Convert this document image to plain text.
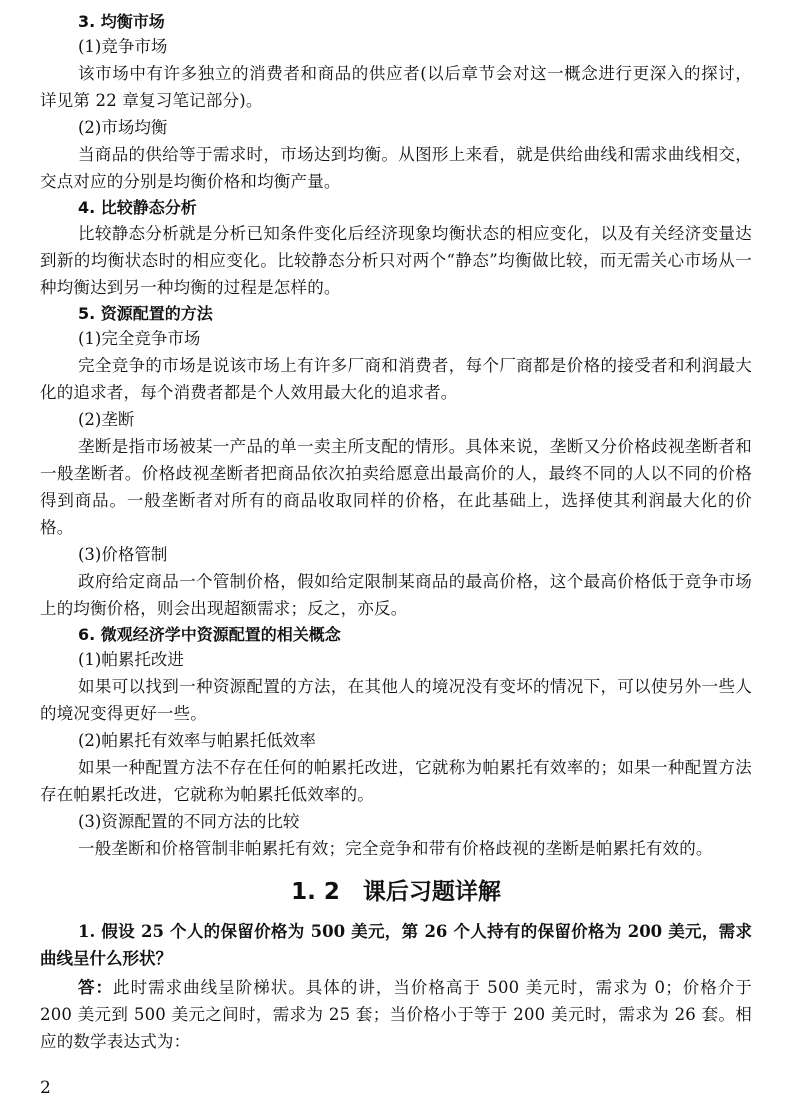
3. 均衡市场

(1)竞争市场

该市场中有许多独立的消费者和商品的供应者(以后章节会对这一概念进行更深入的探讨，详见第 22 章复习笔记部分)。

(2)市场均衡

当商品的供给等于需求时，市场达到均衡。从图形上来看，就是供给曲线和需求曲线相交，交点对应的分别是均衡价格和均衡产量。

4. 比较静态分析

比较静态分析就是分析已知条件变化后经济现象均衡状态的相应变化，以及有关经济变量达到新的均衡状态时的相应变化。比较静态分析只对两个“静态”均衡做比较，而无需关心市场从一种均衡达到另一种均衡的过程是怎样的。

5. 资源配置的方法

(1)完全竞争市场

完全竞争的市场是说该市场上有许多厂商和消费者，每个厂商都是价格的接受者和利润最大化的追求者，每个消费者都是个人效用最大化的追求者。

(2)垄断

垄断是指市场被某一产品的单一卖主所支配的情形。具体来说，垄断又分价格歧视垄断者和一般垄断者。价格歧视垄断者把商品依次拍卖给愿意出最高价的人，最终不同的人以不同的价格得到商品。一般垄断者对所有的商品收取同样的价格，在此基础上，选择使其利润最大化的价格。

(3)价格管制

政府给定商品一个管制价格，假如给定限制某商品的最高价格，这个最高价格低于竞争市场上的均衡价格，则会出现超额需求；反之，亦反。

6. 微观经济学中资源配置的相关概念

(1)帕累托改进

如果可以找到一种资源配置的方法，在其他人的境况没有变坏的情况下，可以使另外一些人的境况变得更好一些。

(2)帕累托有效率与帕累托低效率

如果一种配置方法不存在任何的帕累托改进，它就称为帕累托有效率的；如果一种配置方法存在帕累托改进，它就称为帕累托低效率的。

(3)资源配置的不同方法的比较

一般垄断和价格管制非帕累托有效；完全竞争和带有价格歧视的垄断是帕累托有效的。

1. 2　课后习题详解

1. 假设 25 个人的保留价格为 500 美元，第 26 个人持有的保留价格为 200 美元，需求曲线呈什么形状？

答：此时需求曲线呈阶梯状。具体的讲，当价格高于 500 美元时，需求为 0；价格介于 200 美元到 500 美元之间时，需求为 25 套；当价格小于等于 200 美元时，需求为 26 套。相应的数学表达式为：

2
